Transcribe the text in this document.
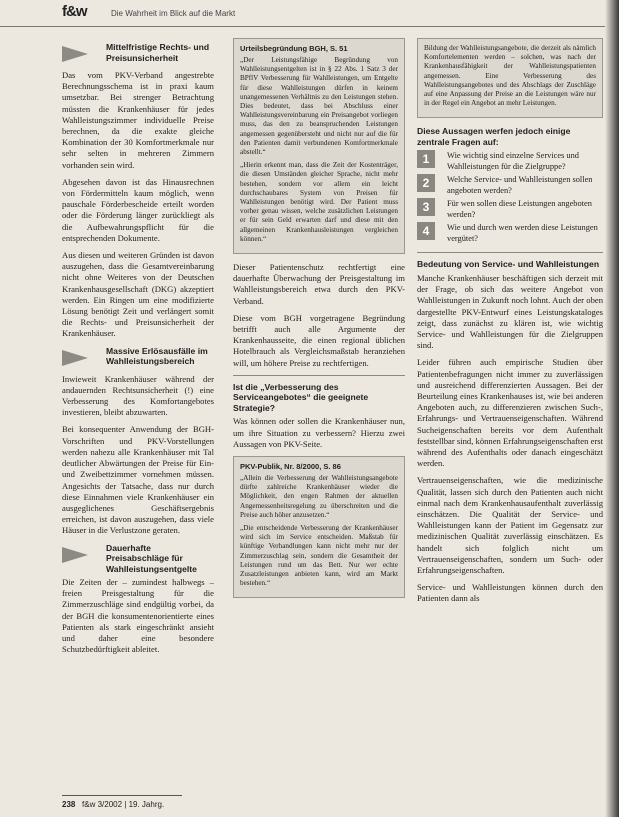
f&w	Die Wahrheit im Blick auf die Markt
Mittelfristige Rechts- und Preisunsicherheit

Das vom PKV-Verband angestrebte Berechnungsschema ist in praxi kaum umsetzbar. Bei strenger Betrachtung müssten die Krankenhäuser für jedes Wahlleistungszimmer individuelle Preise berechnen, da die exakte gleiche Kombination der 30 Komfortmerkmale nur sehr selten in mehreren Zimmern vorhanden sein wird.

Abgesehen davon ist das Hinausrechnen von Fördermitteln kaum möglich, wenn pauschale Förderbescheide erteilt worden oder die Förderung länger zurückliegt als die Aufbewahrungspflicht für die entsprechenden Dokumente.

Aus diesen und weiteren Gründen ist davon auszugehen, dass die Gesamtvereinbarung nicht ohne Weiteres von der Deutschen Krankenhausgesellschaft (DKG) akzeptiert werden. Ein Ringen um eine modifizierte Lösung benötigt Zeit und verlängert somit die Rechts- und Preisunsicherheit der Krankenhäuser.

Massive Erlösausfälle im Wahlleistungsbereich

Inwieweit Krankenhäuser während der andauernden Rechtsunsicherheit (!) eine Verbesserung des Komfortangebotes investieren, bleibt abzuwarten.

Bei konsequenter Anwendung der BGH-Vorschriften und PKV-Vorstellungen werden nahezu alle Krankenhäuser mit Tal deutlicher Abwärtungen der Preise für Ein- und Zweibettzimmer vornehmen müssen. Angesichts der Tatsache, dass nur durch diese Einnahmen viele Krankenhäuser ein ausgeglichenes Geschäftsergebnis erreichen, ist davon auszugehen, dass viele Häuser in die Verlustzone geraten.

Dauerhafte Preisabschläge für Wahlleistungsentgelte

Die Zeiten der – zumindest halbwegs – freien Preisgestaltung für die Zimmerzuschläge sind endgültig vorbei, da der BGH die konsumentenorientierte eines Patienten als stark eingeschränkt ansieht und daher eine besondere Schutzbedürftigkeit ableitet.

Urteilsbegründung BGH, S. 51

„Der Leistungsfähige Begründung von Wahlleistungsentgelten ist in § 22 Abs. 1 Satz 3 der BPflV Verbesserung für Wahlleistungen, um Entgelte für diese Wahlleistungen dürfen in keinem unangemessenen Verhältnis zu den Leistungen stehen. Dies bedeutet, dass bei Abschluss einer Wahlleistungsvereinbarung ein Preisangebot vorliegen muss, das den zu beanspruchenden Leistungen angemessen gegenübersteht und nicht nur auf die für den Patienten damit verbundenen Komfortmerkmale abstellt.“

„Hierin erkennt man, dass die Zeit der Kostenträger, die diesen Umständen gleicher Sprache, nicht mehr bestehen, sondern vor allem ein leicht durchschaubares System von Preisen für Wahlleistungen benötigt wird. Der Patient muss vorher genau wissen, welche zusätzlichen Leistungen er für sein Geld erwarten darf und diese mit den allgemeinen Krankenhausleistungen vergleichen können.“

Dieser Patientenschutz rechtfertigt eine dauerhafte Überwachung der Preisgestaltung im Wahlleistungsbereich etwa durch den PKV-Verband.

Diese vom BGH vorgetragene Begründung betrifft auch alle Argumente der Krankenhausseite, die einen regional üblichen Hotelbrauch als Vergleichsmaßstab heranziehen will, um höhere Preise zu rechtfertigen.

Ist die „Verbesserung des Serviceangebotes“ die geeignete Strategie?

Was können oder sollen die Krankenhäuser nun, um ihre Situation zu verbessern? Hierzu zwei Aussagen von PKV-Seite.

PKV-Publik, Nr. 8/2000, S. 86

„Allein die Verbesserung der Wahlleistungsangebote dürfte zahlreiche Krankenhäuser wieder die Möglichkeit, den engen Rahmen der aktuellen Angemessenheitsregelung zu überschreiten und die Preise auch höher anzusetzen.“

„Die entscheidende Verbesserung der Krankenhäuser wird sich im Service entscheiden. Maßstab für künftige Verhandlungen kann nicht mehr nur der Zimmerzuschlag sein, sondern die Gesamtheit der Leistungen rund um das Bett. Nur wer echte Zusatzleistungen anbieten kann, wird am Markt bestehen.“

Bildung der Wahlleistungsangebote, die derzeit als nämlich Komfortelementen werden – solchen, was nach der Krankenhausfähigkeit der Wahlleistungspatienten angemessen. Eine Verbesserung des Wahlleistungsangebotes und des Abschlags der Zuschläge auf eine Anpassung der Preise an die Leistungen wäre nur in der Regel ein Angebot an mehr Leistungen.

Diese Aussagen werfen jedoch einige zentrale Fragen auf:
1	Wie wichtig sind einzelne Services und Wahlleistungen für die Zielgruppe?
2	Welche Service- und Wahlleistungen sollen angeboten werden?
3	Für wen sollen diese Leistungen angeboten werden?
4	Wie und durch wen werden diese Leistungen vergütet?
Bedeutung von Service- und Wahlleistungen

Manche Krankenhäuser beschäftigen sich derzeit mit der Frage, ob sich das weitere Angebot von Wahlleistungen in Zukunft noch lohnt. Auch der oben dargestellte PKV-Entwurf eines Leistungskataloges zeigt, dass zunächst zu klären ist, wie wichtig Service- und Wahlleistungen für die Zielgruppen sind.

Leider führen auch empirische Studien über Patientenbefragungen nicht immer zu zuverlässigen und ausreichend differenzierten Aussagen. Bei der Beurteilung eines Krankenhauses ist, wie bei anderen Angeboten auch, zu differenzieren zwischen Such-, Erfahrungs- und Vertrauenseigenschaften. Während Sucheigenschaften bereits vor dem Aufenthalt feststellbar sind, können Erfahrungseigenschaften erst während des Aufenthalts oder danach eingeschätzt werden.

Vertrauenseigenschaften, wie die medizinische Qualität, lassen sich durch den Patienten auch nicht einmal nach dem Krankenhausaufenthalt zuverlässig einschätzen. Die Qualität der Service- und Wahlleistungen kann der Patient im Gegensatz zur medizinischen Qualität zuverlässig einschätzen. Es handelt sich folglich nicht um Vertrauenseigenschaften, sondern um Such- oder Erfahrungseigenschaften.

Service- und Wahlleistungen können durch den Patienten dann als

238 f&w 3/2002 | 19. Jahrg.
